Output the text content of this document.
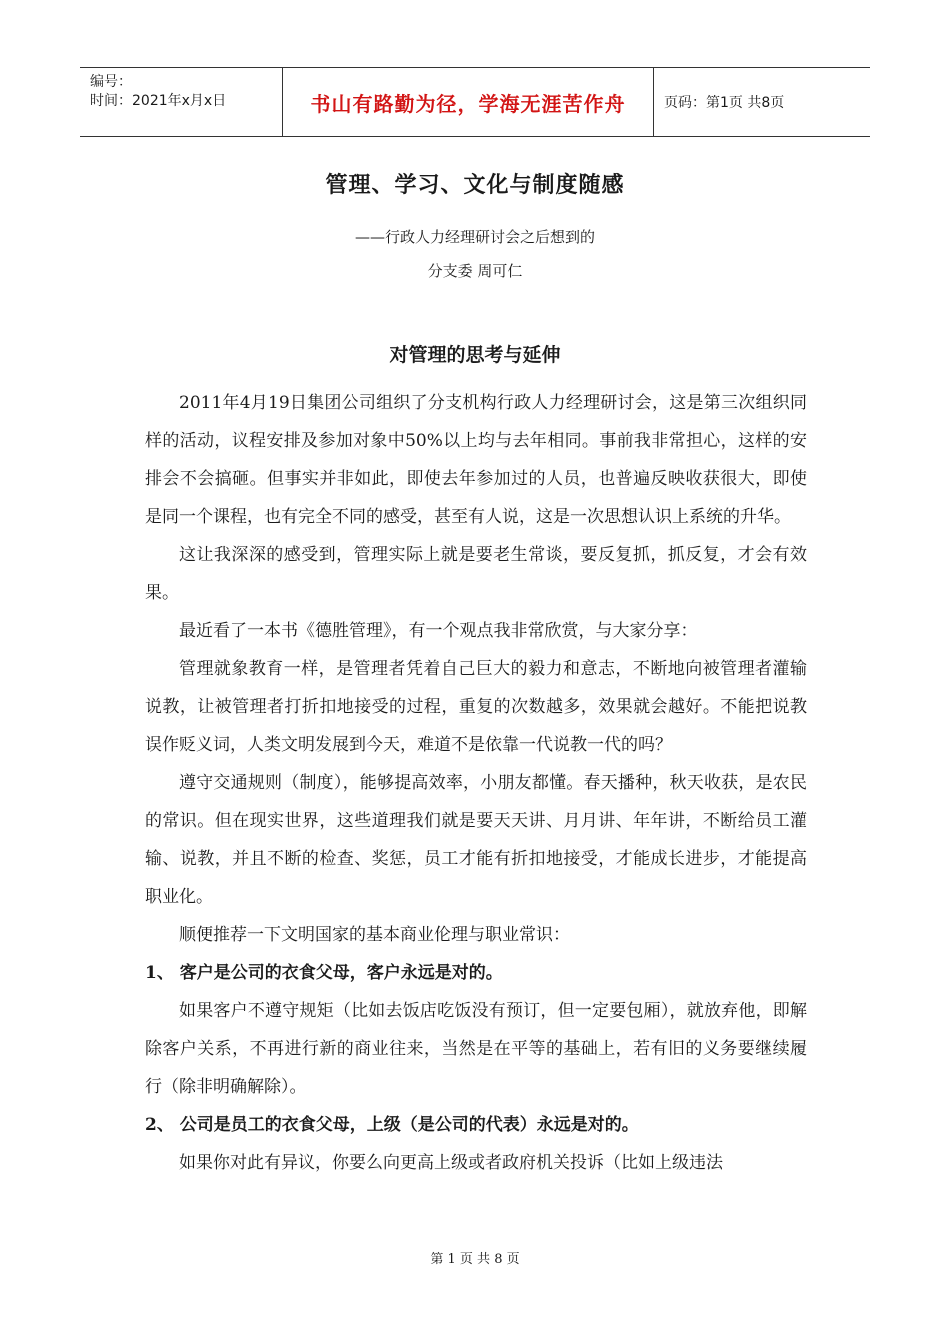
编号：
时间：2021年x月x日	书山有路勤为径，学海无涯苦作舟	页码：第1页 共8页
管理、学习、文化与制度随感
——行政人力经理研讨会之后想到的
分支委 周可仁
对管理的思考与延伸

2011年4月19日集团公司组织了分支机构行政人力经理研讨会，这是第三次组织同样的活动，议程安排及参加对象中50%以上均与去年相同。事前我非常担心，这样的安排会不会搞砸。但事实并非如此，即使去年参加过的人员，也普遍反映收获很大，即使是同一个课程，也有完全不同的感受，甚至有人说，这是一次思想认识上系统的升华。

这让我深深的感受到，管理实际上就是要老生常谈，要反复抓，抓反复，才会有效果。

最近看了一本书《德胜管理》，有一个观点我非常欣赏，与大家分享：

管理就象教育一样，是管理者凭着自己巨大的毅力和意志，不断地向被管理者灌输说教，让被管理者打折扣地接受的过程，重复的次数越多，效果就会越好。不能把说教误作贬义词，人类文明发展到今天，难道不是依靠一代说教一代的吗？

遵守交通规则（制度），能够提高效率，小朋友都懂。春天播种，秋天收获，是农民的常识。但在现实世界，这些道理我们就是要天天讲、月月讲、年年讲，不断给员工灌输、说教，并且不断的检查、奖惩，员工才能有折扣地接受，才能成长进步，才能提高职业化。

顺便推荐一下文明国家的基本商业伦理与职业常识：

1、 客户是公司的衣食父母，客户永远是对的。

如果客户不遵守规矩（比如去饭店吃饭没有预订，但一定要包厢），就放弃他，即解除客户关系，不再进行新的商业往来，当然是在平等的基础上，若有旧的义务要继续履行（除非明确解除）。

2、 公司是员工的衣食父母，上级（是公司的代表）永远是对的。

如果你对此有异议，你要么向更高上级或者政府机关投诉（比如上级违法

第 1 页 共 8 页
